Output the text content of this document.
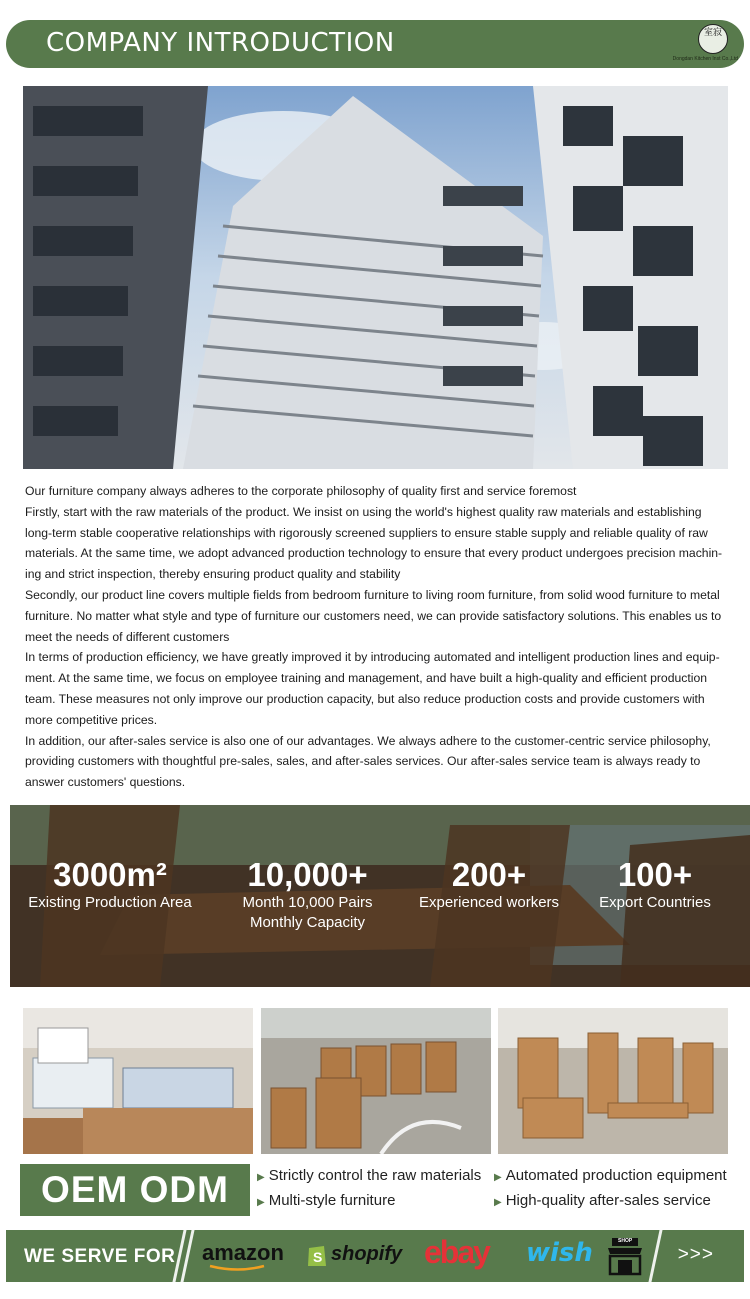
COMPANY INTRODUCTION	室寂
Dongdan Kitchen Inst Co.,Ltd

Our furniture company always adheres to the corporate philosophy of quality first and service foremost

Firstly, start with the raw materials of the product. We insist on using the world's highest quality raw materials and establishing long-term stable cooperative relationships with rigorously screened suppliers to ensure stable supply and reliable quality of raw materials. At the same time, we adopt advanced production technology to ensure that every product undergoes precision machin-ing and strict inspection, thereby ensuring product quality and stability

Secondly, our product line covers multiple fields from bedroom furniture to living room furniture, from solid wood furniture to metal furniture. No matter what style and type of furniture our customers need, we can provide satisfactory solutions. This enables us to meet the needs of different customers

In terms of production efficiency, we have greatly improved it by introducing automated and intelligent production lines and equip-ment. At the same time, we focus on employee training and management, and have built a high-quality and efficient production team. These measures not only improve our production capacity, but also reduce production costs and provide customers with more competitive prices.

In addition, our after-sales service is also one of our advantages. We always adhere to the customer-centric service philosophy, providing customers with thoughtful pre-sales, sales, and after-sales services. Our after-sales service team is always ready to answer customers' questions.

3000m²
Existing Production Area
10,000+
Month 10,000 Pairs Monthly Capacity
200+
Experienced workers
100+
Export Countries
OEM ODM	▶ Strictly control the raw materials ▶ Automated production equipment
▶ Multi-style furniture	▶ High-quality after-sales service
WE SERVE FOR amazon S shopify ebay wish	SHOP
>>>
